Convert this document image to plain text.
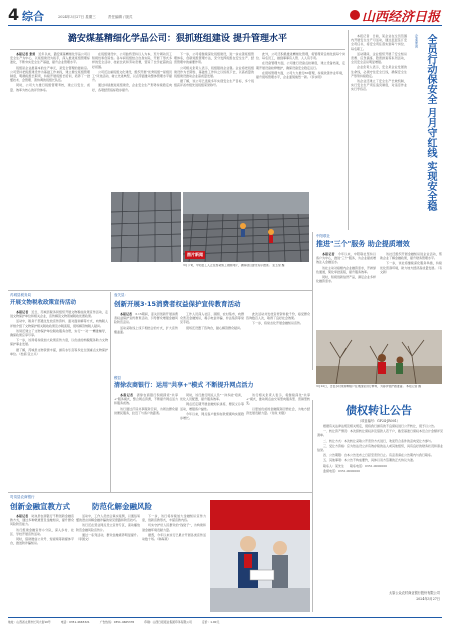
4 综合	2024年3月27日 星期三	责任编辑 / 版式	山西经济日报
潞安煤基精细化学品公司：狠抓班组建设 提升管理水平

本报记者 张勇　近年以来，潞安煤基精细化学品公司以安全生产为中心，以班组建设为抓手，深入推进班组管理标准化，不断夯实安全生产基础，提升企业管理水平。

班组是企业最基本的生产单元，是安全管理的最前沿。公司坚持把班组建设作为基础工作来抓，建立健全班组管理制度，明确班组长职责，持续开展班组长培训，培养了一批懂技术、会管理、善协调的班组长队伍。

同时，公司大力推行班组管理考核，建立以安全、质量、效率为核心的评价体系。

在班组建设中，公司始终坚持以人为本，充分调动员工积极性和创造性。各车间班组结合自身实际，开展了形式多样的安全活动、技能比武和劳动竞赛，营造了比学赶超的良好氛围。

公司还注重班组文化建设，组织开展"优秀班组""星级员工"评选活动，树立先进典型，以点带面推动整体管理水平提升。

通过持续推进班组建设，企业安全生产形势持续稳定向好，各项经营指标稳步提升。

下一步，公司将继续深化班组建设，进一步完善班组管理体系，创新班组管理方法，充分发挥班组在安全生产、经营管理中的重要作用。

公司相关负责人表示，班组强则企业强。企业将把班组建设作为长期性、基础性工作持之以恒抓下去，以高质量的班组建设推动企业高质量发展。

据了解，该公司已连续多年实现安全生产目标，多个班组获评省市级先进班组荣誉称号。

此外，公司还积极推进精细化管理，将管理责任细化到每个岗位、每名员工，做到事事有人管、人人有专责。

在设备管理方面，公司推行设备点检制度，建立设备档案，定期开展设备检修维护，确保设备安全稳定运行。

在现场管理方面，公司大力推行6S管理，持续改善作业环境，提升现场管理水平，企业面貌焕然一新。（李永明）

本报记者　日前，某企业在全员范围内开展安全生产月活动，通过层层签订安全责任书，将安全责任落实到每个岗位、每名职工。

活动期间，企业组织开展了安全知识竞赛、应急演练、隐患排查等系列活动，全员安全意识明显增强。

企业负责人表示，安全是企业发展的生命线，必须守住安全红线，确保安全生产形势持续稳定。

该企业还建立了安全生产长效机制，实行安全生产责任追究制度，对违章作业实行零容忍。

企业家谈 全员行动保安全 月月守红线 实现安全稳
图片新闻
3月下旬，中阳县工人正在加紧施工钢筋网片，确保项目建设有序推进。 张玉堂 摄
中阳联社
推进"三个"服务 助企提质增效

本报记者　今年以来，中阳联社坚持以客户为中心，推进"三个"服务，为企业提质增效注入金融活水。

该社主动对接辖内企业融资需求，开辟绿色通道，简化审批流程，提升服务效率。

同时，积极创新信贷产品，满足企业多样化融资需求。

该社还组织开展金融知识进企业活动，帮助企业了解金融政策，提升财务管理水平。

下一步，该社将继续深化服务举措，持续优化营商环境，助力地方经济高质量发展。（韦文新）

3月22日，吉县乡村果树种植户在果园里进行修剪，为春季管护做准备。 本报记者 摄
芮城县税务局
开展文物税收政策宣传活动

本报记者　近日，芮城县税务局组织开展文物税收政策宣传活动，走进文物保护单位和相关企业，宣传解读文物领域税收优惠政策。

活动中，税务干部通过发放宣传资料、面对面讲解等方式，向纳税人详细介绍了文物保护相关税收政策及办税流程，现场解答纳税人疑问。

该局还建立了文物保护单位税收服务台账，实行"一对一"精准辅导，确保政策应享尽享。

下一步，该局将持续加大政策宣传力度，以优质的纳税服务助力文物保护事业发展。

据了解，芮城县文物资源丰富，拥有永乐宫等多处全国重点文物保护单位。（杜娟 张立兵）

壶关县：
创新开展3·15消费者权益保护宣传教育活动

本报记者　3·15期间，壶关县创新开展消费者权益保护宣传教育活动，引导群众增强金融风险防范意识。

活动采取线上线下相结合的方式，扩大宣传覆盖面。

工作人员深入社区、商圈、农村集市，向群众普及金融知识，揭示电信诈骗、非法集资等常见手段。

现场还设置了咨询台，耐心解答群众疑问。

此次活动共发放宣传资料数千份，接受群众咨询数百人次，取得了良好社会效果。

下一步，将常态化开展金融知识宣传。

稷县
清徐农商银行：运用"共享+"模式 不断提升网点活力

本报记者　清徐农商银行积极探索"共享+"服务模式，整合网点资源，不断提升网点活力和服务质效。

该行通过打造共享服务空间，为周边群众提供便民服务，拉近了与客户的距离。

同时，该行推行网点人员"一岗多能"培训，优化人员配置，提升服务效率。

网点还定期开展金融知识讲座、便民义诊等活动，增强客户黏性。

今年以来，网点客户数和存款规模均实现稳步增长。

该行相关负责人表示，将继续深化"共享+"模式，推动网点由交易型向服务型、营销型转变。

以更加优质的金融服务回馈社会，为地方经济发展贡献力量。（付政 刘强）	债权转让公告
（项目编号：GP24-JR001）

根据有关法律法规及相关规定，现将我行拥有的不良债权进行公开转让，现予以公告。

一、转让资产情况：本次拟转让债权涉及借款人若干户，截至基准日债权本息合计金额详见清单。

二、转让方式：本次转让采取公开竞价方式进行，欢迎符合条件的意向受让方参与。

三、受让方资格：应为依法设立并有效存续的法人或其他组织，具有良好的财务状况和商业信誉。

四、公告期限：自本公告发布之日起至竞价日止。有意者请在公告期内与我行联系。

五、其他事项：本公告不构成要约，具体以双方签署的正式协议为准。

联系人：某先生　　联系电话：0351-0000000

监督电话：0351-0000000

太原公众农村商业银行股份有限公司
2024年3月27日
岢岚县农商银行
创新金融宣教方式	防范化解金融风险

本报记者　岢岚县农商银行不断创新金融宣教方式，通过多种渠道普及金融知识，提升群众风险防范能力。

该行组建金融宣传小分队，深入乡村、社区、学校开展宣传活动。

同时，借助微信公众号、短视频等新媒体平台，推送防诈骗知识。

活动中，工作人员结合真实案例，以通俗易懂的语言讲解金融诈骗的常见套路和防范技巧。

该行还在营业网点设立宣传专区，滚动播放防范金融风险宣传片。

通过一系列活动，群众金融素养明显提升。（李国文）

下一步，该行将持续加大金融知识宣传力度，创新宣教形式，丰富宣教内容。

切实守护好人民群众的"钱袋子"，为构建和谐金融环境贡献力量。

据悉，今年以来该行已累计开展各类宣传活动数十场。（韩海燕）

地址：山西省太原市长风大街10号	电话：0351-4665321	广告热线：0351-4665335	印刷：山西日报报业集团印务有限公司	定价：1.00元
